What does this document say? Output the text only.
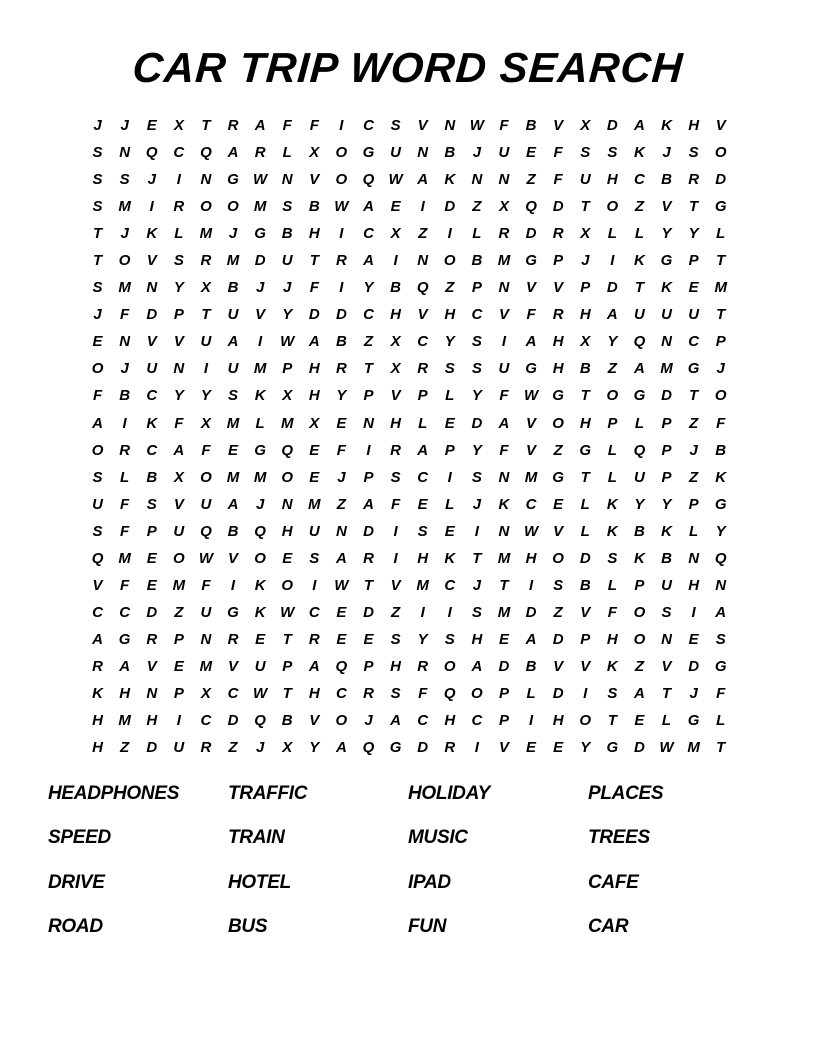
CAR TRIP WORD SEARCH
J	J	E	X	T	R	A	F	F	I	C	S	V	N W	F	B	V	X	D	A	K	H	V
S	N	Q	C	Q	A	R	L	X	O	G	U	N	B	J	U	E	F	S	S	K	J	S	O
S	S	J	I	N	G W N	V	O	Q W A	K	N	N	Z	F	U	H	C	B	R	D
S	M	I	R	O	O	M	S	B W A	E	I	D	Z	X	Q	D	T	O	Z	V	T	G
T	J	K	L	M	J	G	B	H	I	C	X	Z	I	L	R	D	R	X	L	L	Y	Y	L
T	O	V	S	R	M	D	U	T	R	A	I	N	O	B	M	G	P	J	I	K	G	P	T
S	M	N	Y	X	B	J	J	F	I	Y	B	Q	Z	P	N	V	V	P	D	T	K	E	M
J	F	D	P	T	U	V	Y	D	D	C	H	V	H	C	V	F	R	H	A	U	U	U	T
E	N	V	V	U	A	I	W A	B	Z	X	C	Y	S	I	A	H	X	Y	Q	N	C	P
O	J	U	N	I	U	M	P	H	R	T	X	R	S	S	U	G	H	B	Z	A	M	G	J
F	B	C	Y	Y	S	K	X	H	Y	P	V	P	L	Y	F	W G	T	O	G	D	T	O
A	I	K	F	X	M	L	M	X	E	N	H	L	E	D	A	V	O	H	P	L	P	Z	F
O	R	C	A	F	E	G	Q	E	F	I	R	A	P	Y	F	V	Z	G	L	Q	P	J	B
S	L	B	X	O	M M	O	E	J	P	S	C	I	S	N	M	G	T	L	U	P	Z	K
U	F	S	V	U	A	J	N	M	Z	A	F	E	L	J	K	C	E	L	K	Y	Y	P	G
S	F	P	U	Q	B	Q	H	U	N	D	I	S	E	I	N W	V	L	K	B	K	L	Y
Q	M	E	O W	V	O	E	S	A	R	I	H	K	T	M	H	O	D	S	K	B	N	Q
V	F	E	M	F	I	K	O	I	W	T	V	M	C	J	T	I	S	B	L	P	U	H	N
C	C	D	Z	U	G	K W C	E	D	Z	I	I	S	M	D	Z	V	F	O	S	I	A
A	G	R	P	N	R	E	T	R	E	E	S	Y	S	H	E	A	D	P	H	O	N	E	S
R	A	V	E	M	V	U	P	A	Q	P	H	R	O	A	D	B	V	V	K	Z	V	D	G
K	H	N	P	X	C W	T	H	C	R	S	F	Q	O	P	L	D	I	S	A	T	J	F
H	M	H	I	C	D	Q	B	V	O	J	A	C	H	C	P	I	H	O	T	E	L	G	L
H	Z	D	U	R	Z	J	X	Y	A	Q	G	D	R	I	V	E	E	Y	G	D W M	T
HEADPHONES	TRAFFIC	HOLIDAY	PLACES
SPEED	TRAIN	MUSIC	TREES
DRIVE	HOTEL	IPAD	CAFE
ROAD	BUS	FUN	CAR
